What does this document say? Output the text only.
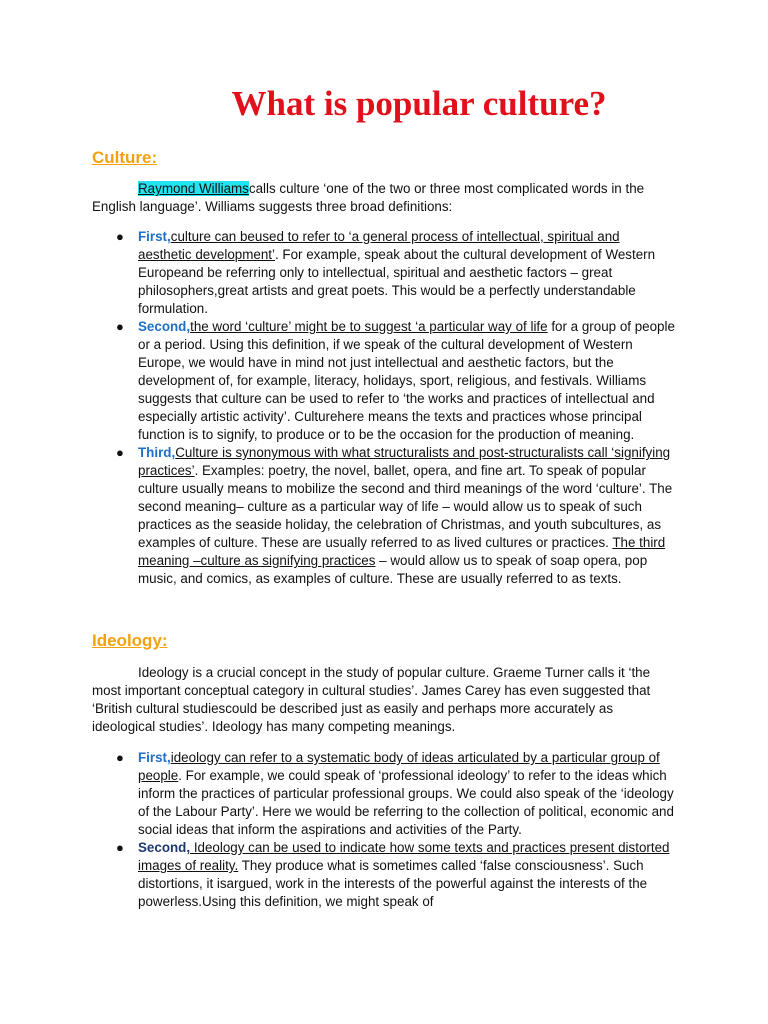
What is popular culture?
Culture:

Raymond Williamscalls culture ‘one of the two or three most complicated words in the English language’. Williams suggests three broad definitions:

● First,culture can beused to refer to ‘a general process of intellectual, spiritual and aesthetic development’. For example, speak about the cultural development of Western Europeand be referring only to intellectual, spiritual and aesthetic factors – great philosophers,great artists and great poets. This would be a perfectly understandable formulation.
● Second,the word ‘culture’ might be to suggest ‘a particular way of life for a group of people or a period. Using this definition, if we speak of the cultural development of Western Europe, we would have in mind not just intellectual and aesthetic factors, but the development of, for example, literacy, holidays, sport, religious, and festivals. Williams suggests that culture can be used to refer to ‘the works and practices of intellectual and especially artistic activity’. Culturehere means the texts and practices whose principal function is to signify, to produce or to be the occasion for the production of meaning.
● Third,Culture is synonymous with what structuralists and post-structuralists call ‘signifying practices’. Examples: poetry, the novel, ballet, opera, and fine art. To speak of popular culture usually means to mobilize the second and third meanings of the word ‘culture’. The second meaning– culture as a particular way of life – would allow us to speak of such practices as the seaside holiday, the celebration of Christmas, and youth subcultures, as examples of culture. These are usually referred to as lived cultures or practices. The third meaning –culture as signifying practices – would allow us to speak of soap opera, pop music, and comics, as examples of culture. These are usually referred to as texts.
Ideology:

Ideology is a crucial concept in the study of popular culture. Graeme Turner calls it ‘the most important conceptual category in cultural studies’. James Carey has even suggested that ‘British cultural studiescould be described just as easily and perhaps more accurately as ideological studies’. Ideology has many competing meanings.

● First,ideology can refer to a systematic body of ideas articulated by a particular group of people. For example, we could speak of ‘professional ideology’ to refer to the ideas which inform the practices of particular professional groups. We could also speak of the ‘ideology of the Labour Party’. Here we would be referring to the collection of political, economic and social ideas that inform the aspirations and activities of the Party.
● Second, Ideology can be used to indicate how some texts and practices present distorted images of reality. They produce what is sometimes called ‘false consciousness’. Such distortions, it isargued, work in the interests of the powerful against the interests of the powerless.Using this definition, we might speak of
